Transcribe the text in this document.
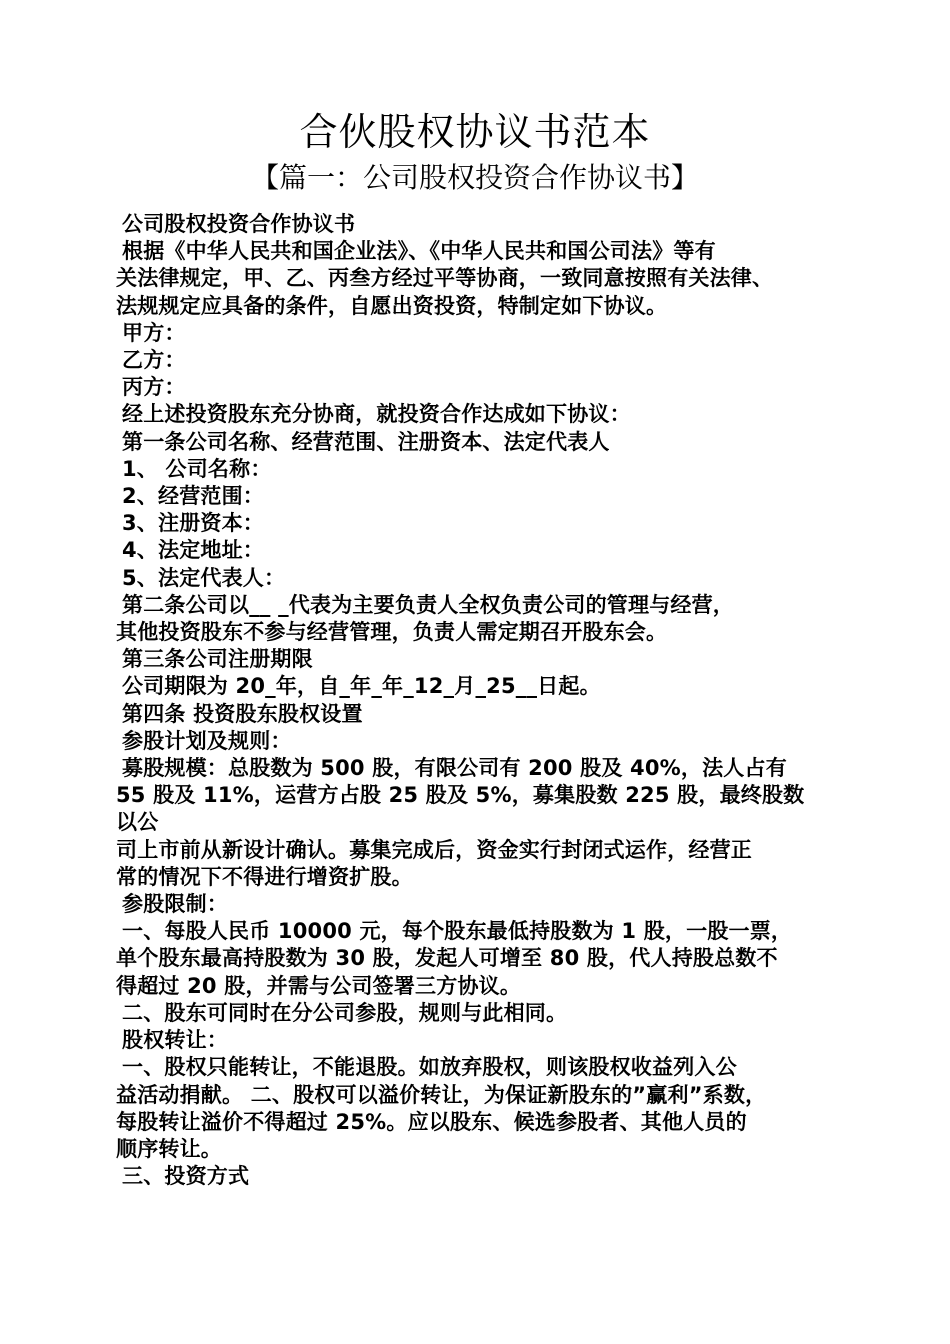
合伙股权协议书范本
【篇一：公司股权投资合作协议书】
公司股权投资合作协议书
根据《中华人民共和国企业法》、《中华人民共和国公司法》等有
关法律规定，甲、乙、丙叁方经过平等协商，一致同意按照有关法律、
法规规定应具备的条件，自愿出资投资，特制定如下协议。
甲方：
乙方：
丙方：
经上述投资股东充分协商，就投资合作达成如下协议：
第一条公司名称、经营范围、注册资本、法定代表人
1、 公司名称：
2、经营范围：
3、注册资本：
4、法定地址：
5、法定代表人：
第二条公司以__ _代表为主要负责人全权负责公司的管理与经营，
其他投资股东不参与经营管理，负责人需定期召开股东会。
第三条公司注册期限
公司期限为 20_年，自_年_年_12_月_25__日起。
第四条 投资股东股权设置
参股计划及规则：
募股规模：总股数为 500 股，有限公司有 200 股及 40%，法人占有
55 股及 11%，运营方占股 25 股及 5%，募集股数 225 股，最终股数
以公
司上市前从新设计确认。募集完成后，资金实行封闭式运作，经营正
常的情况下不得进行增资扩股。
参股限制：
一、每股人民币 10000 元，每个股东最低持股数为 1 股，一股一票，
单个股东最高持股数为 30 股，发起人可增至 80 股，代人持股总数不
得超过 20 股，并需与公司签署三方协议。
二、股东可同时在分公司参股，规则与此相同。
股权转让：
一、股权只能转让，不能退股。如放弃股权，则该股权收益列入公
益活动捐献。 二、股权可以溢价转让，为保证新股东的”赢利”系数，
每股转让溢价不得超过 25%。应以股东、候选参股者、其他人员的
顺序转让。
三、投资方式
